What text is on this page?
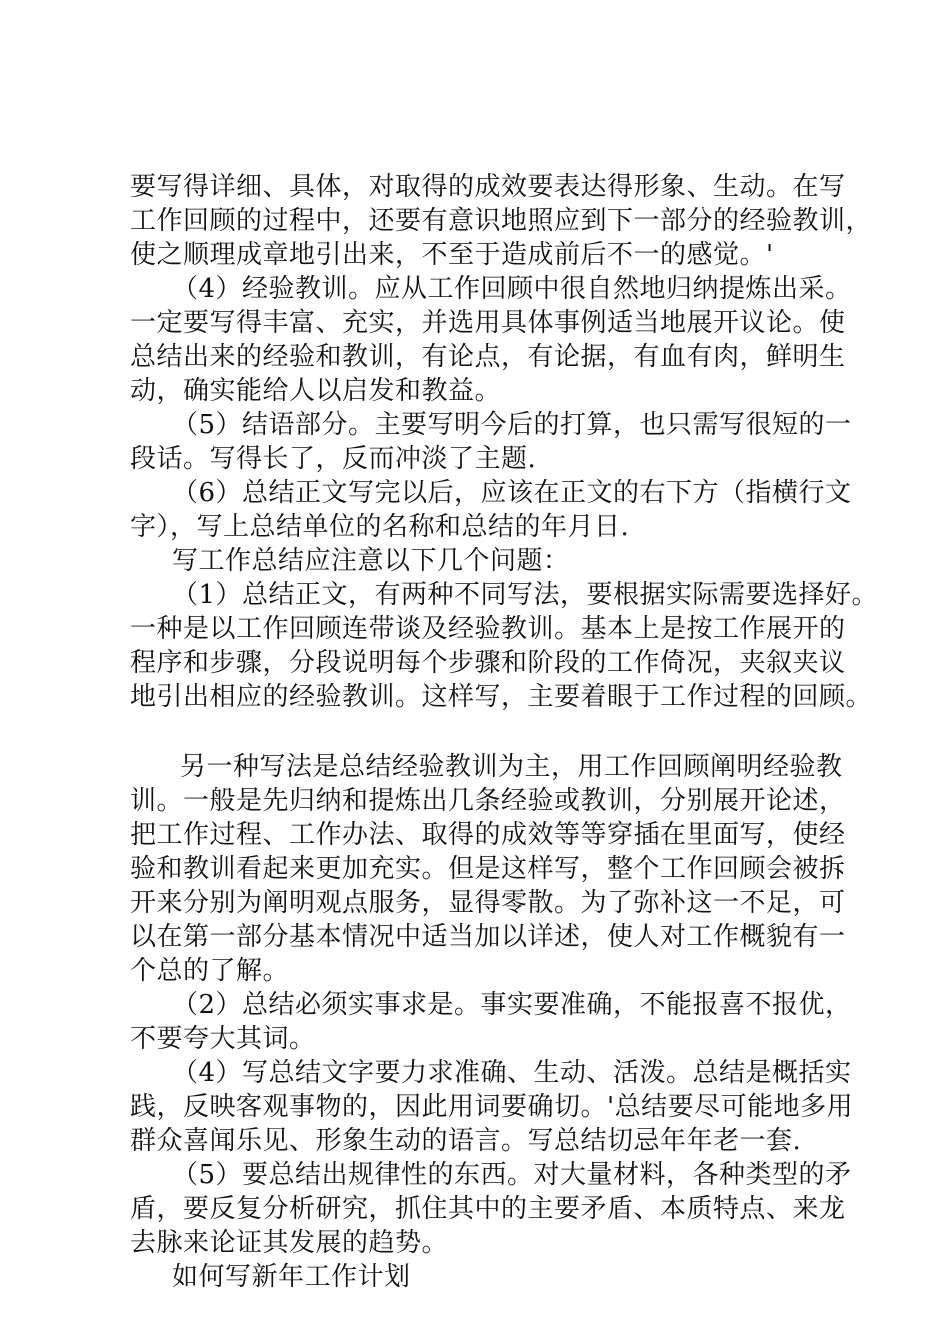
要写得详细、具体，对取得的成效要表达得形象、生动。在写
工作回顾的过程中，还要有意识地照应到下一部分的经验教训，
使之顺理成章地引出来，不至于造成前后不一的感觉。'
（4）经验教训。应从工作回顾中很自然地归纳提炼出采。
一定要写得丰富、充实，并选用具体事例适当地展开议论。使
总结出来的经验和教训，有论点，有论据，有血有肉，鲜明生
动，确实能给人以启发和教益。
（5）结语部分。主要写明今后的打算，也只需写很短的一
段话。写得长了，反而冲淡了主题.
（6）总结正文写完以后，应该在正文的右下方（指横行文
字），写上总结单位的名称和总结的年月日.
写工作总结应注意以下几个问题：
（1）总结正文，有两种不同写法，要根据实际需要选择好。
一种是以工作回顾连带谈及经验教训。基本上是按工作展开的
程序和步骤，分段说明每个步骤和阶段的工作倚况，夹叙夹议
地引出相应的经验教训。这样写，主要着眼于工作过程的回顾。
另一种写法是总结经验教训为主，用工作回顾阐明经验教
训。一般是先归纳和提炼出几条经验或教训，分别展开论述，
把工作过程、工作办法、取得的成效等等穿插在里面写，使经
验和教训看起来更加充实。但是这样写，整个工作回顾会被拆
开来分别为阐明观点服务，显得零散。为了弥补这一不足，可
以在第一部分基本情况中适当加以详述，使人对工作概貌有一
个总的了解。
（2）总结必须实事求是。事实要准确，不能报喜不报优，
不要夸大其词。
（4）写总结文字要力求准确、生动、活泼。总结是概括实
践，反映客观事物的，因此用词要确切。'总结要尽可能地多用
群众喜闻乐见、形象生动的语言。写总结切忌年年老一套.
（5）要总结出规律性的东西。对大量材料，各种类型的矛
盾，要反复分析研究，抓住其中的主要矛盾、本质特点、来龙
去脉来论证其发展的趋势。
如何写新年工作计划
